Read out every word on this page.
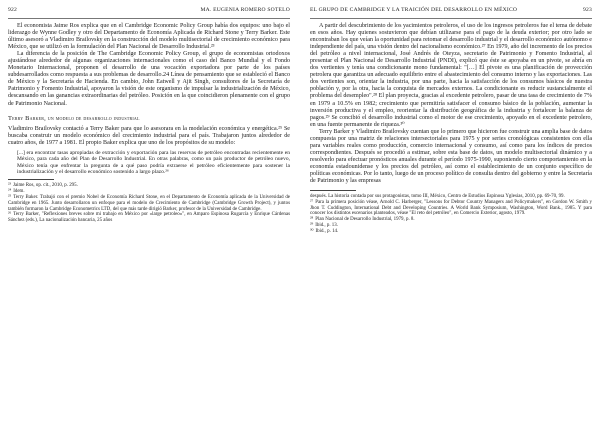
922	MA. EUGENIA ROMERO SOTELO

El economista Jaime Ros explica que en el Cambridge Economic Policy Group había dos equipos: uno bajo el liderazgo de Wynne Godley y otro del Departamento de Economía Aplicada de Richard Stone y Terry Barker. Este último asesoró a Vladimiro Brailovsky en la construcción del modelo multisectorial de crecimiento económico para México, que se utilizó en la formulación del Plan Nacional de Desarrollo Industrial.²³

La diferencia de la posición de The Cambridge Economic Policy Group, el grupo de economistas ortodoxos ajustándose alrededor de algunas organizaciones internacionales como el caso del Banco Mundial y el Fondo Monetario Internacional, proponen el desarrollo de una vocación exportadora por parte de los países subdesarrollados como respuesta a sus problemas de desarrollo.24 Línea de pensamiento que se estableció el Banco de México y la Secretaría de Hacienda. En cambio, John Eatwell y Ajit Singh, consultores de la Secretaría de Patrimonio y Fomento Industrial, apoyaron la visión de este organismo de impulsar la industrialización de México, descansando en las ganancias extraordinarias del petróleo. Posición en la que coincidieron plenamente con el grupo de Patrimonio Nacional.

Terry Barker, un modelo de desarrollo industrial

Vladimiro Brailovsky contactó a Terry Baker para que lo asesorara en la modelación económica y energética.²⁵ Se buscaba construir un modelo económico del crecimiento industrial para el país. Trabajaron juntos alrededor de cuatro años, de 1977 a 1981. El propio Baker explica que uno de los propósitos de su modelo:

[...] era encontrar tasas apropiadas de extracción y exportación para las reservas de petróleo encontradas recientemente en México, para cada año del Plan de Desarrollo Industrial. En otras palabras, como un país productor de petróleo nuevo, México tenía que enfrentar la pregunta de a qué paso podría extraerse el petróleo eficientemente para sostener la industrialización y el desarrollo económico sostenido a largo plazo.²⁶

²³ Jaime Ros, op. cit., 2010, p. 295.
²⁴ Idem.
²⁵ Terry Baker. Trabajó con el premio Nobel de Economía Richard Stone, en el Departamento de Economía aplicada de la Universidad de Cambridge en 1965. Junto desarrollaron un enfoque para el modelo de Crecimiento de Cambridge (Cambridge Growth Project), y juntos también formaron la Cambridge Econometrics LTD, del que más tarde dirigió Barker, profesor de la Universidad de Cambridge.
²⁶ Terry Barker, "Reflexiones breves sobre mi trabajo en México por «large petroleo»", en Amparo Espinosa Rugarcía y Enrique Cárdenas Sánchez (eds.), La nacionalización bancaria, 25 años
EL GRUPO DE CAMBRIDGE Y LA TRAICIÓN DEL DESARROLLO EN MÉXICO	923

A partir del descubrimiento de los yacimientos petroleros, el uso de los ingresos petroleros fue el tema de debate en esos años. Hay quienes sostuvieron que debían utilizarse para el pago de la deuda exterior; por otro lado se encontraban los que veían la oportunidad para retomar el desarrollo industrial y el desarrollo económico autónomo e independiente del país, una visión dentro del nacionalismo económico.²⁷ En 1979, año del incremento de los precios del petróleo a nivel internacional, José Andrés de Oteyza, secretario de Patrimonio y Fomento Industrial, al presentar el Plan Nacional de Desarrollo Industrial (PNDI), explicó que éste se apoyaba en un pivote, se abría en dos vertientes y tenía una condicionante mono fundamental: "[…] El pivote es una planificación de provección petrolera que garantiza un adecuado equilibrio entre el abastecimiento del consumo interno y las exportaciones. Las dos vertientes son, orientar la industria, por una parte, hacia la satisfacción de los consumos básicos de nuestra población y, por la otra, hacia la conquista de mercados externos. La condicionante es reducir sustancialmente el problema del desempleo".²⁸ El plan proyecta, gracias al excedente petrolero, pasar de una tasa de crecimiento de 7% en 1979 a 10.5% en 1982; crecimiento que permitiría satisfacer el consumo básico de la población, aumentar la inversión productiva y el empleo, reorientar la distribución geográfica de la industria y fortalecer la balanza de pagos.²⁹ Se concibió el desarrollo industrial como el motor de ese crecimiento, apoyado en el excedente petrolero, en una fuente permanente de riqueza.³⁰

Terry Barker y Vladimiro Brailovsky cuentan que lo primero que hicieron fue construir una amplia base de datos compuesta por una matriz de relaciones intersectoriales para 1975 y por series cronológicas consistentes con ella para variables reales como producción, comercio internacional y consumo, así como para los índices de precios correspondientes. Después se procedió a estimar, sobre esta base de datos, un modelo multisectorial dinámico y a resolverlo para efectuar pronósticos anuales durante el período 1975-1990, suponiendo cierto comportamiento en la economía estadounidense y los precios del petróleo, así como el establecimiento de un conjunto específico de políticas económicas. Por lo tanto, luego de un proceso político de consulta dentro del gobierno y entre la Secretaría de Patrimonio y las empresas

después. La historia contada por sus protagonistas, tomo III, México, Centro de Estudios Espinosa Yglesias, 2010, pp. 69-70, 99.
²⁷ Para la primera posición véase, Arnold C. Harberger, "Lessons for Debtor Country Managers and Policymakers", en Gordon W. Smith y Jhon T. Cuddington, International Debt and Developing Countries. A World Bank Symposium, Washington, Word Bank., 1985. Y para conocer los distintos escenarios planteados, véase "El reto del petróleo", en Comercio Exterior, agosto, 1979.
²⁸ Plan Nacional de Desarrollo Industrial, 1979, p. 8.
²⁹ Ibid., p. 13.
³⁰ Ibid., p. 14.
